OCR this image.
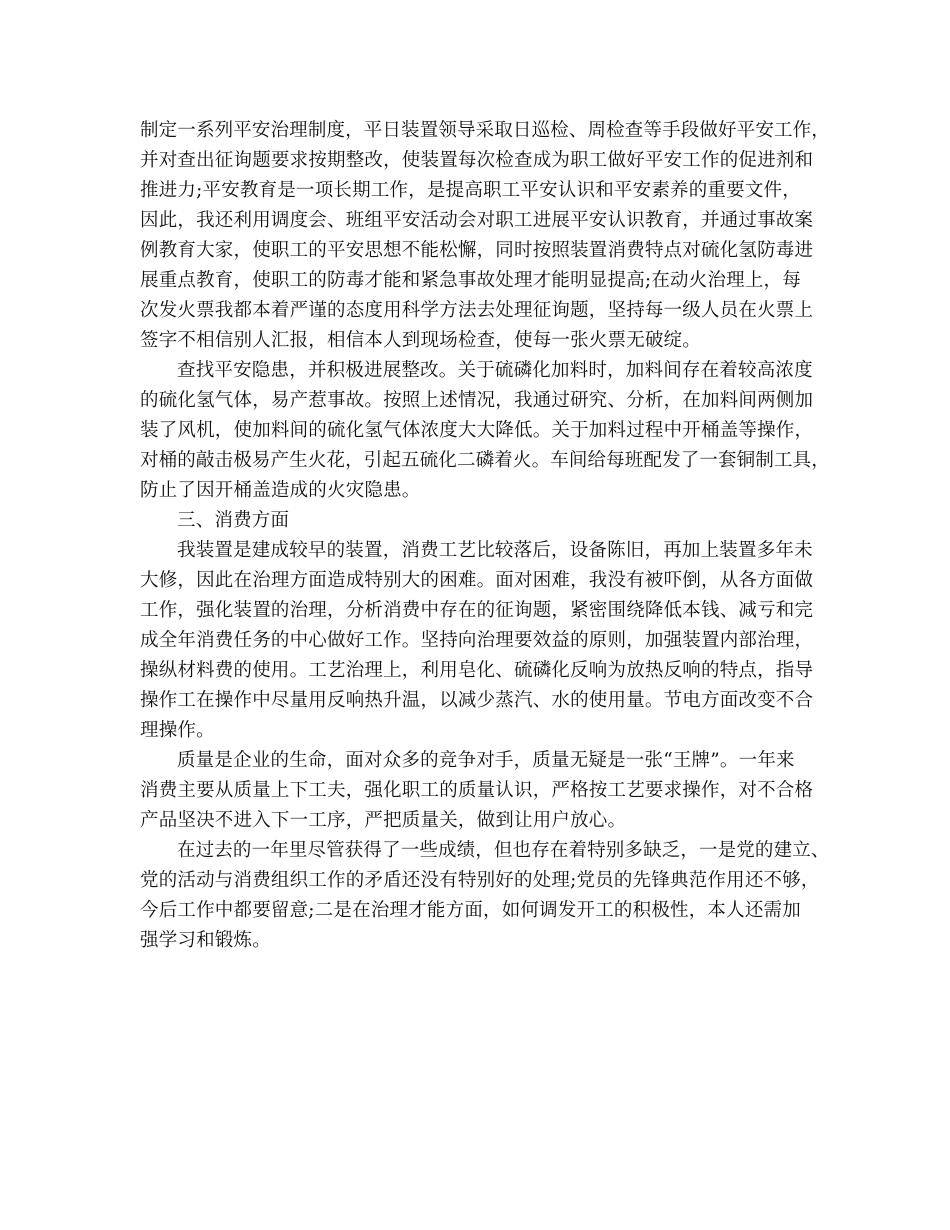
制定一系列平安治理制度，平日装置领导采取日巡检、周检查等手段做好平安工作，
并对查出征询题要求按期整改，使装置每次检查成为职工做好平安工作的促进剂和
推进力;平安教育是一项长期工作，是提高职工平安认识和平安素养的重要文件，
因此，我还利用调度会、班组平安活动会对职工进展平安认识教育，并通过事故案
例教育大家，使职工的平安思想不能松懈，同时按照装置消费特点对硫化氢防毒进
展重点教育，使职工的防毒才能和紧急事故处理才能明显提高;在动火治理上，每
次发火票我都本着严谨的态度用科学方法去处理征询题，坚持每一级人员在火票上
签字不相信别人汇报，相信本人到现场检查，使每一张火票无破绽。
查找平安隐患，并积极进展整改。关于硫磷化加料时，加料间存在着较高浓度
的硫化氢气体，易产惹事故。按照上述情况，我通过研究、分析，在加料间两侧加
装了风机，使加料间的硫化氢气体浓度大大降低。关于加料过程中开桶盖等操作，
对桶的敲击极易产生火花，引起五硫化二磷着火。车间给每班配发了一套铜制工具，
防止了因开桶盖造成的火灾隐患。
三、消费方面
我装置是建成较早的装置，消费工艺比较落后，设备陈旧，再加上装置多年未
大修，因此在治理方面造成特别大的困难。面对困难，我没有被吓倒，从各方面做
工作，强化装置的治理，分析消费中存在的征询题，紧密围绕降低本钱、减亏和完
成全年消费任务的中心做好工作。坚持向治理要效益的原则，加强装置内部治理，
操纵材料费的使用。工艺治理上，利用皂化、硫磷化反响为放热反响的特点，指导
操作工在操作中尽量用反响热升温，以减少蒸汽、水的使用量。节电方面改变不合
理操作。
质量是企业的生命，面对众多的竞争对手，质量无疑是一张“王牌”。一年来
消费主要从质量上下工夫，强化职工的质量认识，严格按工艺要求操作，对不合格
产品坚决不进入下一工序，严把质量关，做到让用户放心。
在过去的一年里尽管获得了一些成绩，但也存在着特别多缺乏，一是党的建立、
党的活动与消费组织工作的矛盾还没有特别好的处理;党员的先锋典范作用还不够，
今后工作中都要留意;二是在治理才能方面，如何调发开工的积极性，本人还需加
强学习和锻炼。
